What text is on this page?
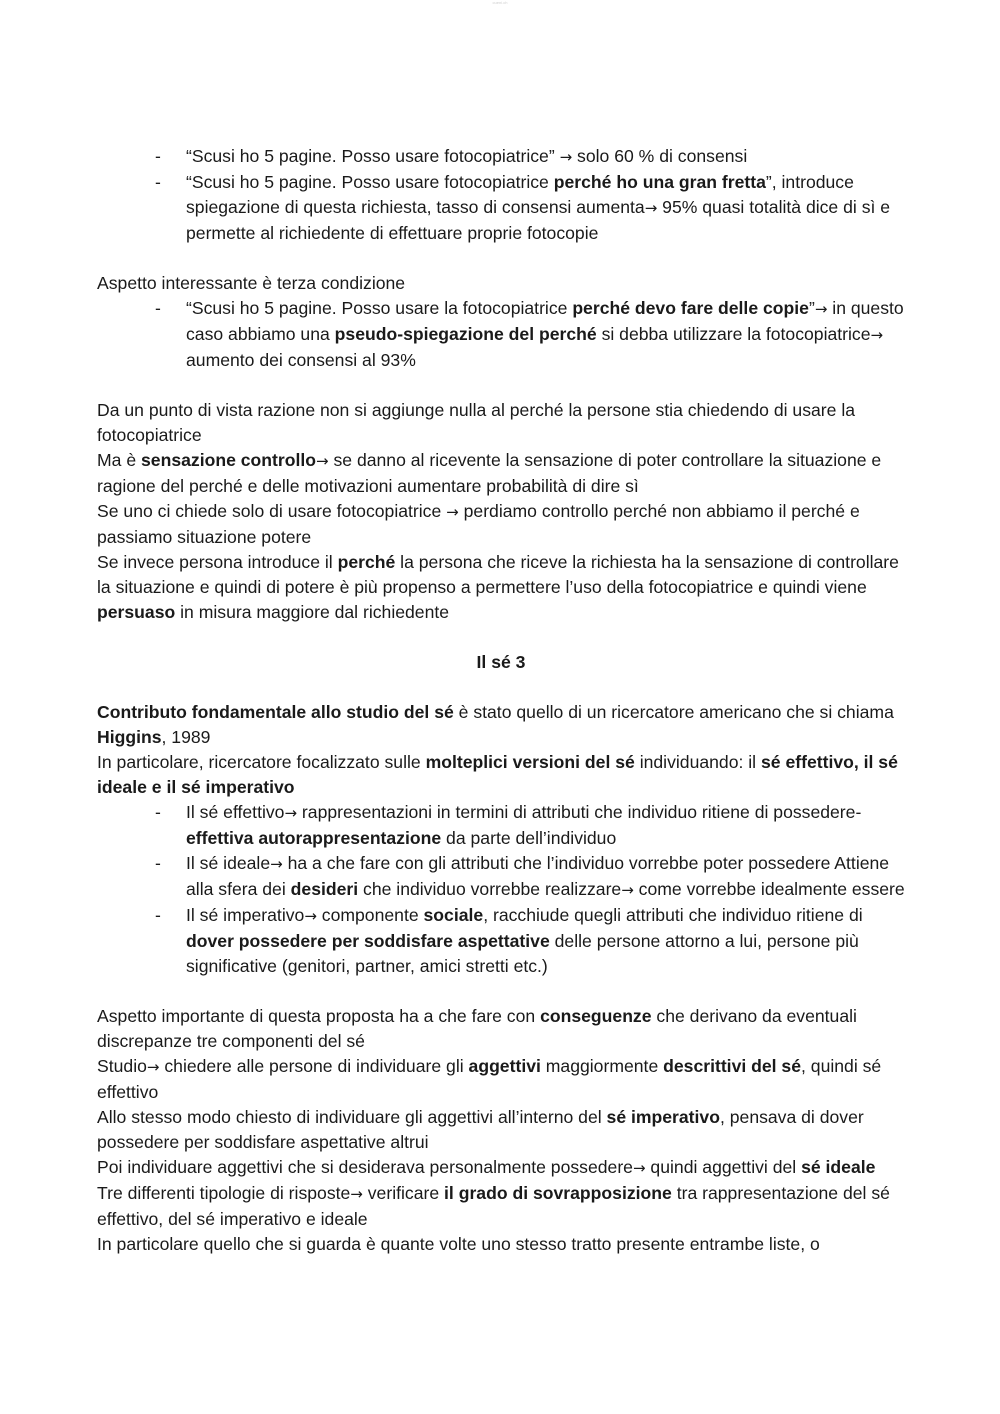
cueni.ch
- “Scusi ho 5 pagine. Posso usare fotocopiatrice” → solo 60 % di consensi
- “Scusi ho 5 pagine. Posso usare fotocopiatrice perché ho una gran fretta”, introduce spiegazione di questa richiesta, tasso di consensi aumenta→ 95% quasi totalità dice di sì e permette al richiedente di effettuare proprie fotocopie

Aspetto interessante è terza condizione

- “Scusi ho 5 pagine. Posso usare la fotocopiatrice perché devo fare delle copie”→ in questo caso abbiamo una pseudo-spiegazione del perché si debba utilizzare la fotocopiatrice→ aumento dei consensi al 93%

Da un punto di vista razione non si aggiunge nulla al perché la persone stia chiedendo di usare la fotocopiatrice

Ma è sensazione controllo→ se danno al ricevente la sensazione di poter controllare la situazione e ragione del perché e delle motivazioni aumentare probabilità di dire sì

Se uno ci chiede solo di usare fotocopiatrice → perdiamo controllo perché non abbiamo il perché e passiamo situazione potere

Se invece persona introduce il perché la persona che riceve la richiesta ha la sensazione di controllare la situazione e quindi di potere è più propenso a permettere l’uso della fotocopiatrice e quindi viene persuaso in misura maggiore dal richiedente

Il sé 3

Contributo fondamentale allo studio del sé è stato quello di un ricercatore americano che si chiama Higgins, 1989

In particolare, ricercatore focalizzato sulle molteplici versioni del sé individuando: il sé effettivo, il sé ideale e il sé imperativo

- Il sé effettivo→ rappresentazioni in termini di attributi che individuo ritiene di possedere- effettiva autorappresentazione da parte dell’individuo
- Il sé ideale→ ha a che fare con gli attributi che l’individuo vorrebbe poter possedere Attiene alla sfera dei desideri che individuo vorrebbe realizzare→ come vorrebbe idealmente essere
- Il sé imperativo→ componente sociale, racchiude quegli attributi che individuo ritiene di dover possedere per soddisfare aspettative delle persone attorno a lui, persone più significative (genitori, partner, amici stretti etc.)

Aspetto importante di questa proposta ha a che fare con conseguenze che derivano da eventuali discrepanze tre componenti del sé

Studio→ chiedere alle persone di individuare gli aggettivi maggiormente descrittivi del sé, quindi sé effettivo

Allo stesso modo chiesto di individuare gli aggettivi all’interno del sé imperativo, pensava di dover possedere per soddisfare aspettative altrui

Poi individuare aggettivi che si desiderava personalmente possedere→ quindi aggettivi del sé ideale

Tre differenti tipologie di risposte→ verificare il grado di sovrapposizione tra rappresentazione del sé effettivo, del sé imperativo e ideale

In particolare quello che si guarda è quante volte uno stesso tratto presente entrambe liste, o
